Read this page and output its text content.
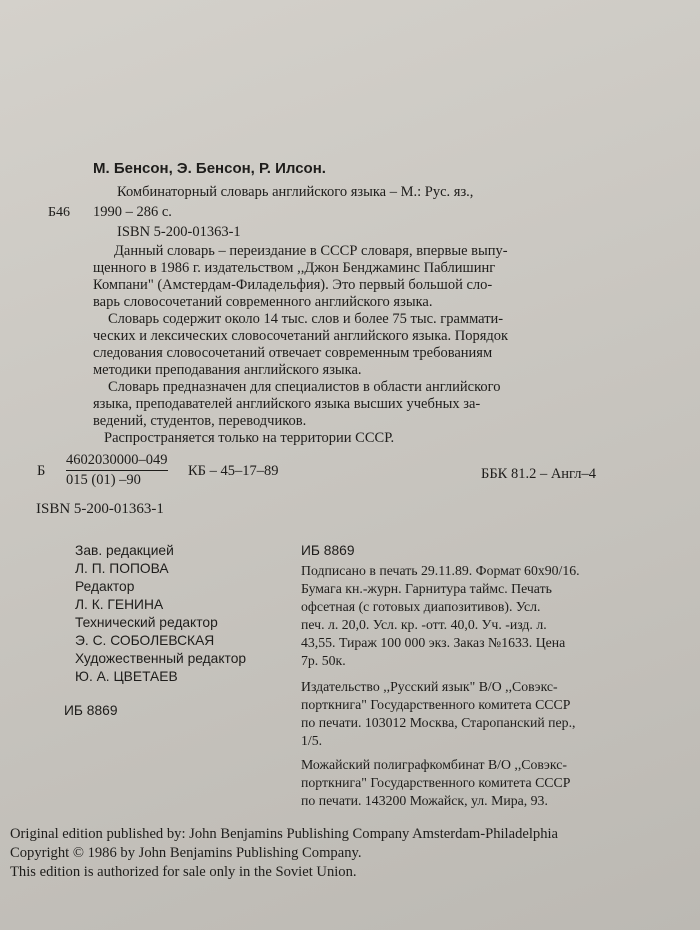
М. Бенсон, Э. Бенсон, Р. Илсон.
Комбинаторный словарь английского языка – М.: Рус. яз.,
Б46 1990 – 286 с.
ISBN 5-200-01363-1
Данный словарь – переиздание в СССР словаря, впервые выпу-
щенного в 1986 г. издательством ,,Джон Бенджаминс Паблишинг
Компани" (Амстердам-Филадельфия). Это первый большой сло-
варь словосочетаний современного английского языка.
Словарь содержит около 14 тыс. слов и более 75 тыс. граммати-
ческих и лексических словосочетаний английского языка. Порядок
следования словосочетаний отвечает современным требованиям
методики преподавания английского языка.
Словарь предназначен для специалистов в области английского
языка, преподавателей английского языка высших учебных за-
ведений, студентов, переводчиков.
Распространяется только на территории СССР.
Б $\frac{4602030000-049}{015 (01) -90}$ КБ – 45–17–89	ББК 81.2 – Англ–4
ISBN 5-200-01363-1
Зав. редакцией
Л. П. ПОПОВА
Редактор
Л. К. ГЕНИНА
Технический редактор
Э. С. СОБОЛЕВСКАЯ
Художественный редактор
Ю. А. ЦВЕТАЕВ
ИБ 8869
ИБ 8869
Подписано в печать 29.11.89. Формат 60х90/16.
Бумага кн.-журн. Гарнитура таймс. Печать
офсетная (с готовых диапозитивов). Усл.
печ. л. 20,0. Усл. кр. -отт. 40,0. Уч. -изд. л.
43,55. Тираж 100 000 экз. Заказ №1633. Цена
7р. 50к.
Издательство ,,Русский язык" В/О ,,Совэкс-
порткнига" Государственного комитета СССР
по печати. 103012 Москва, Старопанский пер.,
1/5.
Можайский полиграфкомбинат В/О ,,Совэкс-
порткнига" Государственного комитета СССР
по печати. 143200 Можайск, ул. Мира, 93.
Original edition published by: John Benjamins Publishing Company Amsterdam-Philadelphia
Copyright © 1986 by John Benjamins Publishing Company.
This edition is authorized for sale only in the Soviet Union.
